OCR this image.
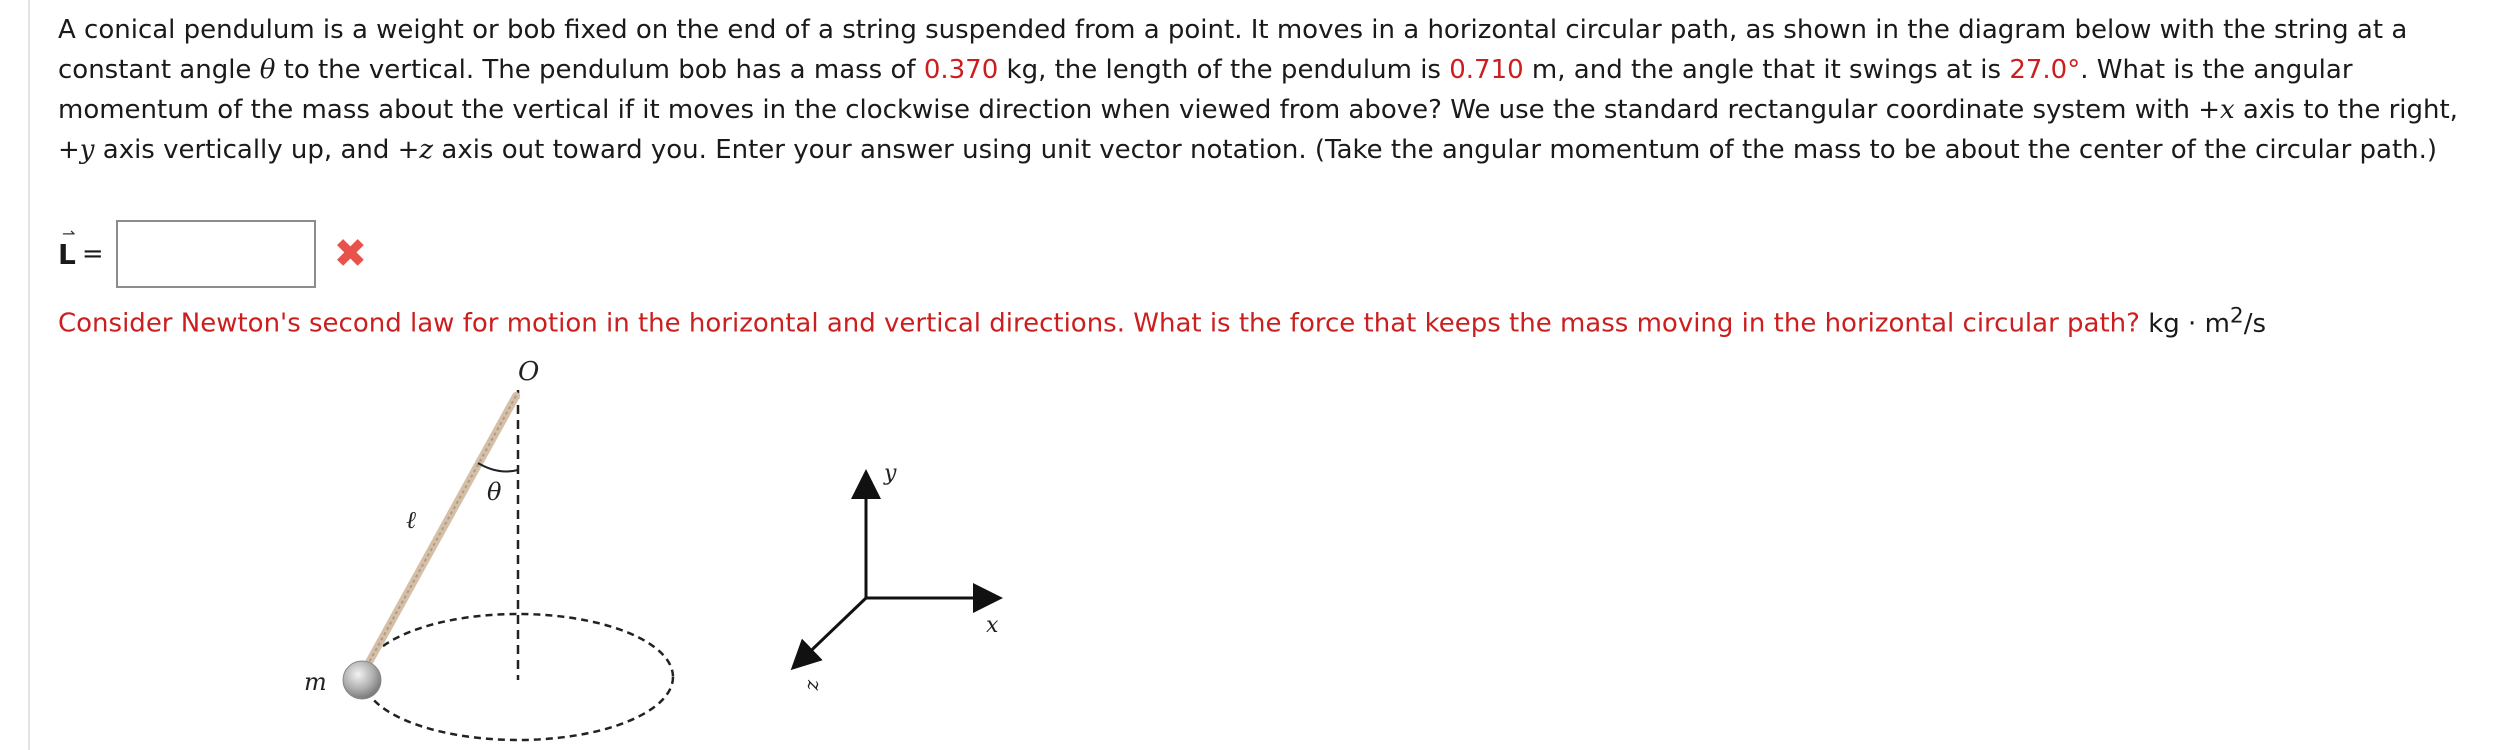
A conical pendulum is a weight or bob fixed on the end of a string suspended from a point. It moves in a horizontal circular path, as shown in the diagram below with the string at a constant angle θ to the vertical. The pendulum bob has a mass of 0.370 kg, the length of the pendulum is 0.710 m, and the angle that it swings at is 27.0°. What is the angular momentum of the mass about the vertical if it moves in the clockwise direction when viewed from above? We use the standard rectangular coordinate system with +x axis to the right, +y axis vertically up, and +z axis out toward you. Enter your answer using unit vector notation. (Take the angular momentum of the mass to be about the center of the circular path.)

⇀
L =	✖
Consider Newton's second law for motion in the horizontal and vertical directions. What is the force that keeps the mass moving in the horizontal circular path? kg · $m^2/s$
O
θ
ℓ
m
y
x
z
